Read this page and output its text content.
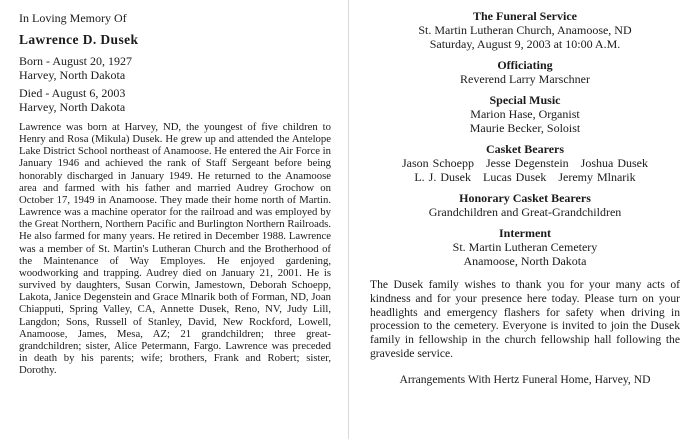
In Loving Memory Of
Lawrence D. Dusek
Born - August 20, 1927
Harvey, North Dakota
Died - August 6, 2003
Harvey, North Dakota
Lawrence was born at Harvey, ND, the youngest of five children to Henry and Rosa (Mikula) Dusek. He grew up and attended the Antelope Lake District School northeast of Anamoose. He entered the Air Force in January 1946 and achieved the rank of Staff Sergeant before being honorably discharged in January 1949. He returned to the Anamoose area and farmed with his father and married Audrey Grochow on October 17, 1949 in Anamoose. They made their home north of Martin. Lawrence was a machine operator for the railroad and was employed by the Great Northern, Northern Pacific and Burlington Northern Railroads. He also farmed for many years. He retired in December 1988. Lawrence was a member of St. Martin's Lutheran Church and the Brotherhood of the Maintenance of Way Employes. He enjoyed gardening, woodworking and trapping. Audrey died on January 21, 2001. He is survived by daughters, Susan Corwin, Jamestown, Deborah Schoepp, Lakota, Janice Degenstein and Grace Mlnarik both of Forman, ND, Joan Chiapputi, Spring Valley, CA, Annette Dusek, Reno, NV, Judy Lill, Langdon; Sons, Russell of Stanley, David, New Rockford, Lowell, Anamoose, James, Mesa, AZ; 21 grandchildren; three great-grandchildren; sister, Alice Petermann, Fargo. Lawrence was preceded in death by his parents; wife; brothers, Frank and Robert; sister, Dorothy.
The Funeral Service
St. Martin Lutheran Church, Anamoose, ND
Saturday, August 9, 2003 at 10:00 A.M.
Officiating
Reverend Larry Marschner
Special Music
Marion Hase, Organist
Maurie Becker, Soloist
Casket Bearers
Jason Schoepp   Jesse Degenstein   Joshua Dusek
L. J. Dusek   Lucas Dusek   Jeremy Mlnarik
Honorary Casket Bearers
Grandchildren and Great-Grandchildren
Interment
St. Martin Lutheran Cemetery
Anamoose, North Dakota
The Dusek family wishes to thank you for your many acts of kindness and for your presence here today. Please turn on your headlights and emergency flashers for safety when driving in procession to the cemetery. Everyone is invited to join the Dusek family in fellowship in the church fellowship hall following the graveside service.
Arrangements With Hertz Funeral Home, Harvey, ND
